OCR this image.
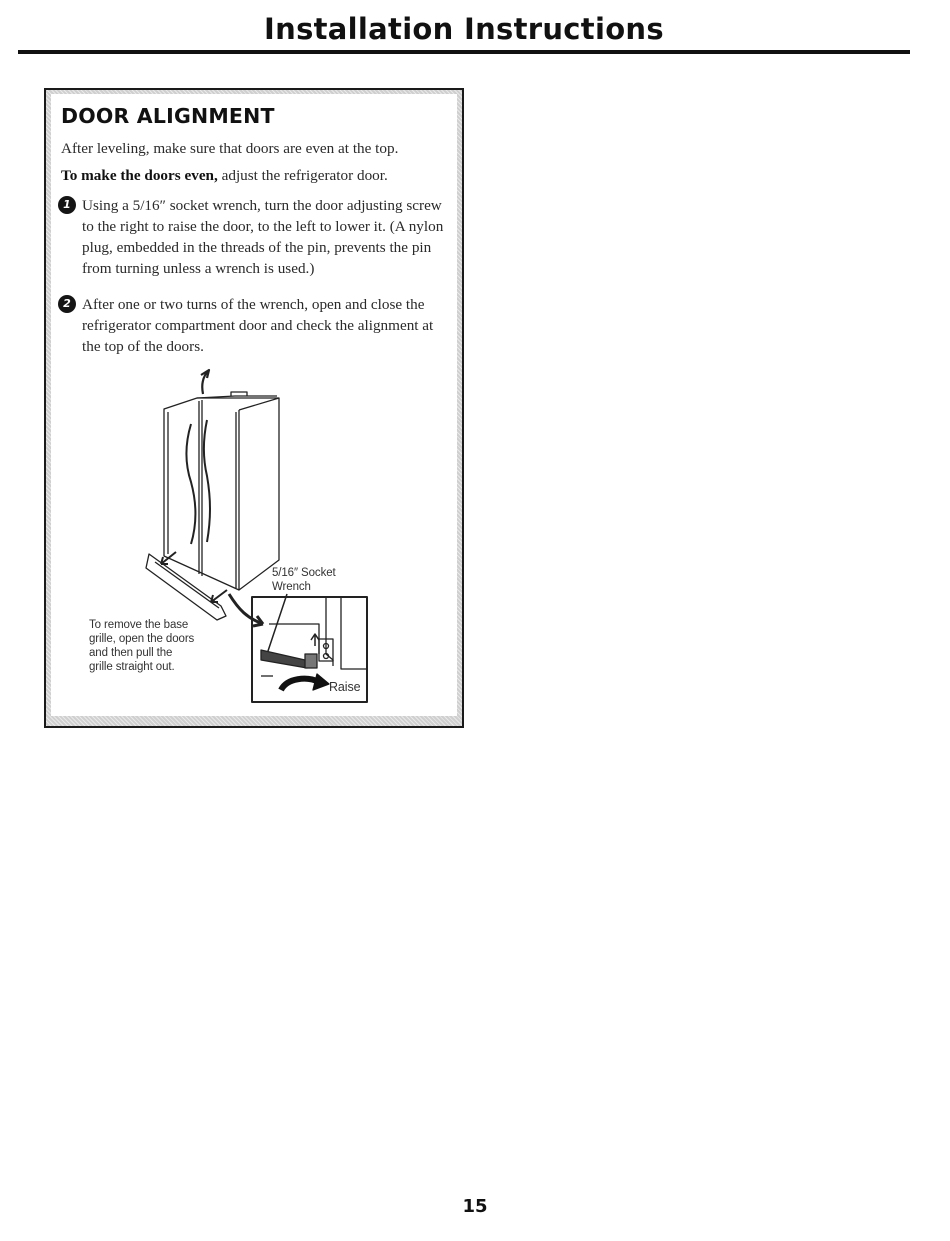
Installation Instructions
DOOR ALIGNMENT

After leveling, make sure that doors are even at the top.

To make the doors even, adjust the refrigerator door.

1 Using a 5/16″ socket wrench, turn the door adjusting screw to the right to raise the door, to the left to lower it. (A nylon plug, embedded in the threads of the pin, prevents the pin from turning unless a wrench is used.)

2 After one or two turns of the wrench, open and close the refrigerator compartment door and check the alignment at the top of the doors.

5/16″ Socket
Wrench

To remove the base
grille, open the doors
and then pull the
grille straight out.

Raise

15
